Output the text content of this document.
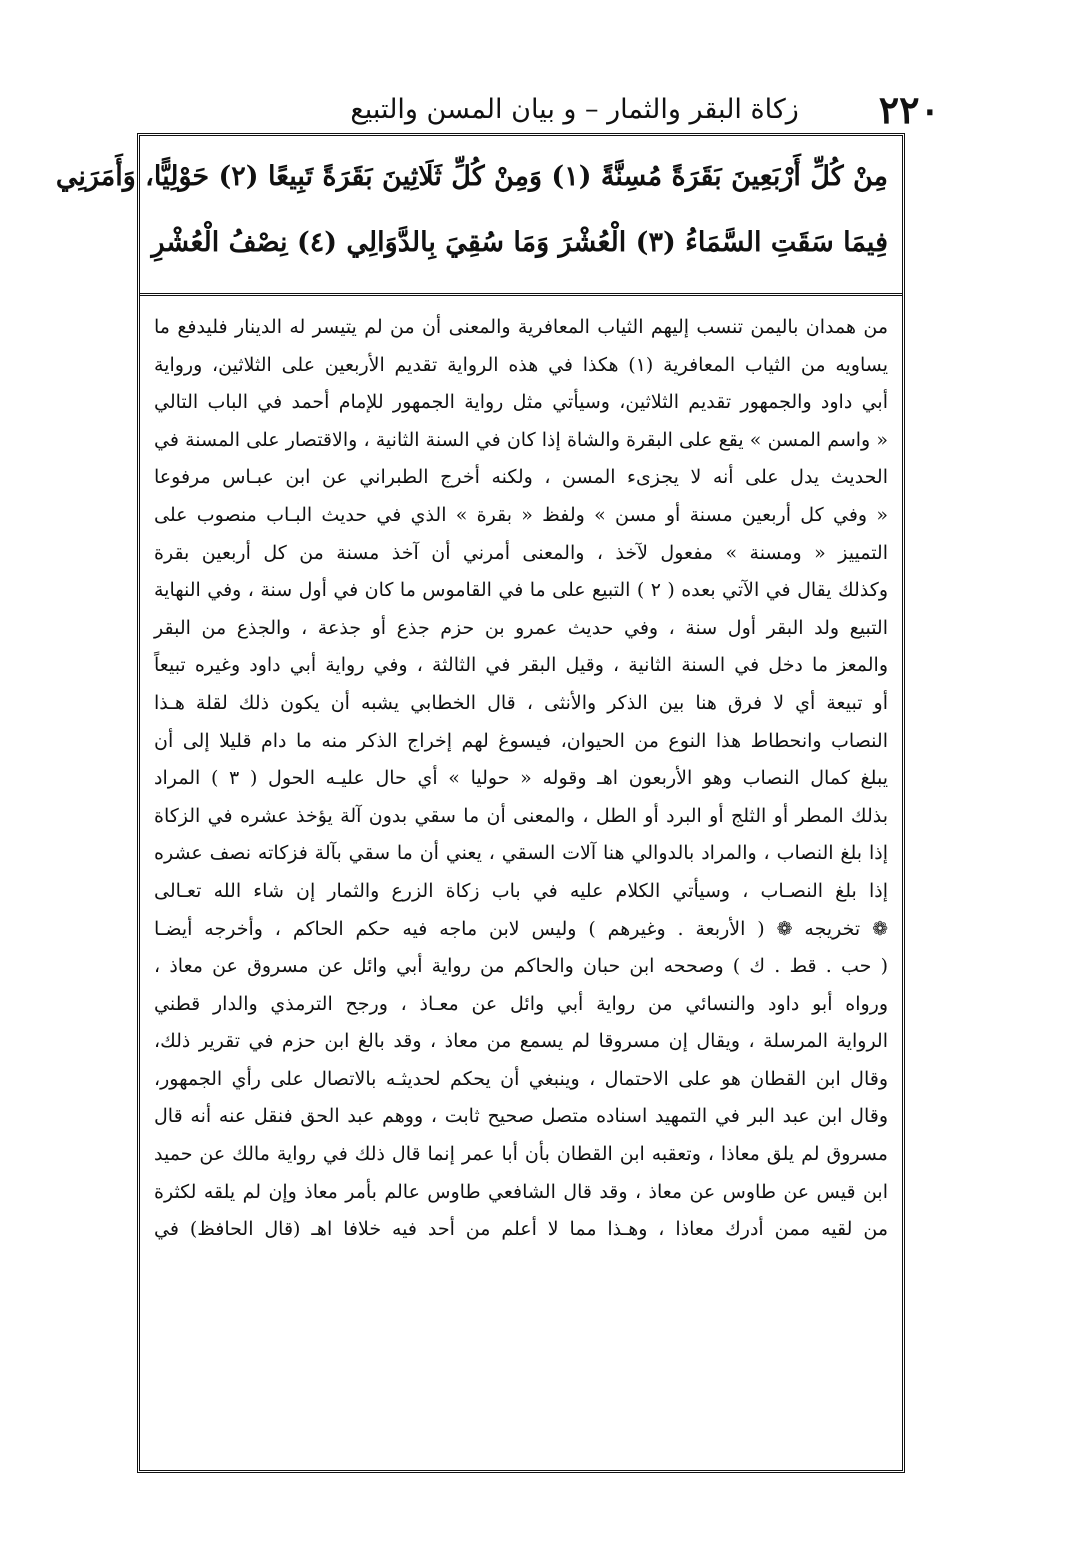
٢٢٠
زكاة البقر والثمار – و بيان المسن والتبيع
مِنْ كُلِّ أَرْبَعِينَ بَقَرَةً مُسِنَّةً (١) وَمِنْ كُلِّ ثَلَاثِينَ بَقَرَةً تَبِيعًا (٢) حَوْلِيًّا، وَأَمَرَنِي
فِيمَا سَقَتِ السَّمَاءُ (٣) الْعُشْرَ وَمَا سُقِيَ بِالدَّوَالِي (٤) نِصْفُ الْعُشْرِ
من همدان باليمن تنسب إليهم الثياب المعافرية والمعنى أن من لم يتيسر له الدينار فليدفع ما
يساويه من الثياب المعافرية (١) هكذا في هذه الرواية تقديم الأربعين على الثلاثين، ورواية
أبي داود والجمهور تقديم الثلاثين، وسيأتي مثل رواية الجمهور للإمام أحمد في الباب التالي
« واسم المسن » يقع على البقرة والشاة إذا كان في السنة الثانية ، والاقتصار على المسنة في
الحديث يدل على أنه لا يجزىء المسن ، ولكنه أخرج الطبراني عن ابن عبـاس مرفوعا
« وفي كل أربعين مسنة أو مسن » ولفظ « بقرة » الذي في حديث البـاب منصوب على
التمييز « ومسنة » مفعول لآخذ ، والمعنى أمرني أن آخذ مسنة من كل أربعين بقرة
وكذلك يقال في الآتي بعده ( ٢ ) التبيع على ما في القاموس ما كان في أول سنة ، وفي النهاية
التبيع ولد البقر أول سنة ، وفي حديث عمرو بن حزم جذع أو جذعة ، والجذع من البقر
والمعز ما دخل في السنة الثانية ، وقيل البقر في الثالثة ، وفي رواية أبي داود وغيره تبيعاً
أو تبيعة أي لا فرق هنا بين الذكر والأنثى ، قال الخطابي يشبه أن يكون ذلك لقلة هـذا
النصاب وانحطاط هذا النوع من الحيوان، فيسوغ لهم إخراج الذكر منه ما دام قليلا إلى أن
يبلغ كمال النصاب وهو الأربعون اهـ وقوله « حوليا » أي حال عليـه الحول ( ٣ ) المراد
بذلك المطر أو الثلج أو البرد أو الطل ، والمعنى أن ما سقي بدون آلة يؤخذ عشره في الزكاة
إذا بلغ النصاب ، والمراد بالدوالي هنا آلات السقي ، يعني أن ما سقي بآلة فزكاته نصف عشره
إذا بلغ النصـاب ، وسيأتي الكلام عليه في باب زكاة الزرع والثمار إن شاء الله تعـالى
❁ تخريجه ❁ ( الأربعة . وغيرهم ) وليس لابن ماجه فيه حكم الحاكم ، وأخرجه أيضـا
( حب . قط . ك ) وصححه ابن حبان والحاكم من رواية أبي وائل عن مسروق عن معاذ ،
ورواه أبو داود والنسائي من رواية أبي وائل عن معـاذ ، ورجح الترمذي والدار قطني
الرواية المرسلة ، ويقال إن مسروقا لم يسمع من معاذ ، وقد بالغ ابن حزم في تقرير ذلك،
وقال ابن القطان هو على الاحتمال ، وينبغي أن يحكم لحديثـه بالاتصال على رأي الجمهور،
وقال ابن عبد البر في التمهيد اسناده متصل صحيح ثابت ، ووهم عبد الحق فنقل عنه أنه قال
مسروق لم يلق معاذا ، وتعقبه ابن القطان بأن أبا عمر إنما قال ذلك في رواية مالك عن حميد
ابن قيس عن طاوس عن معاذ ، وقد قال الشافعي طاوس عالم بأمر معاذ وإن لم يلقه لكثرة
من لقيه ممن أدرك معاذا ، وهـذا مما لا أعلم من أحد فيه خلافا اهـ (قال الحافظ) في
